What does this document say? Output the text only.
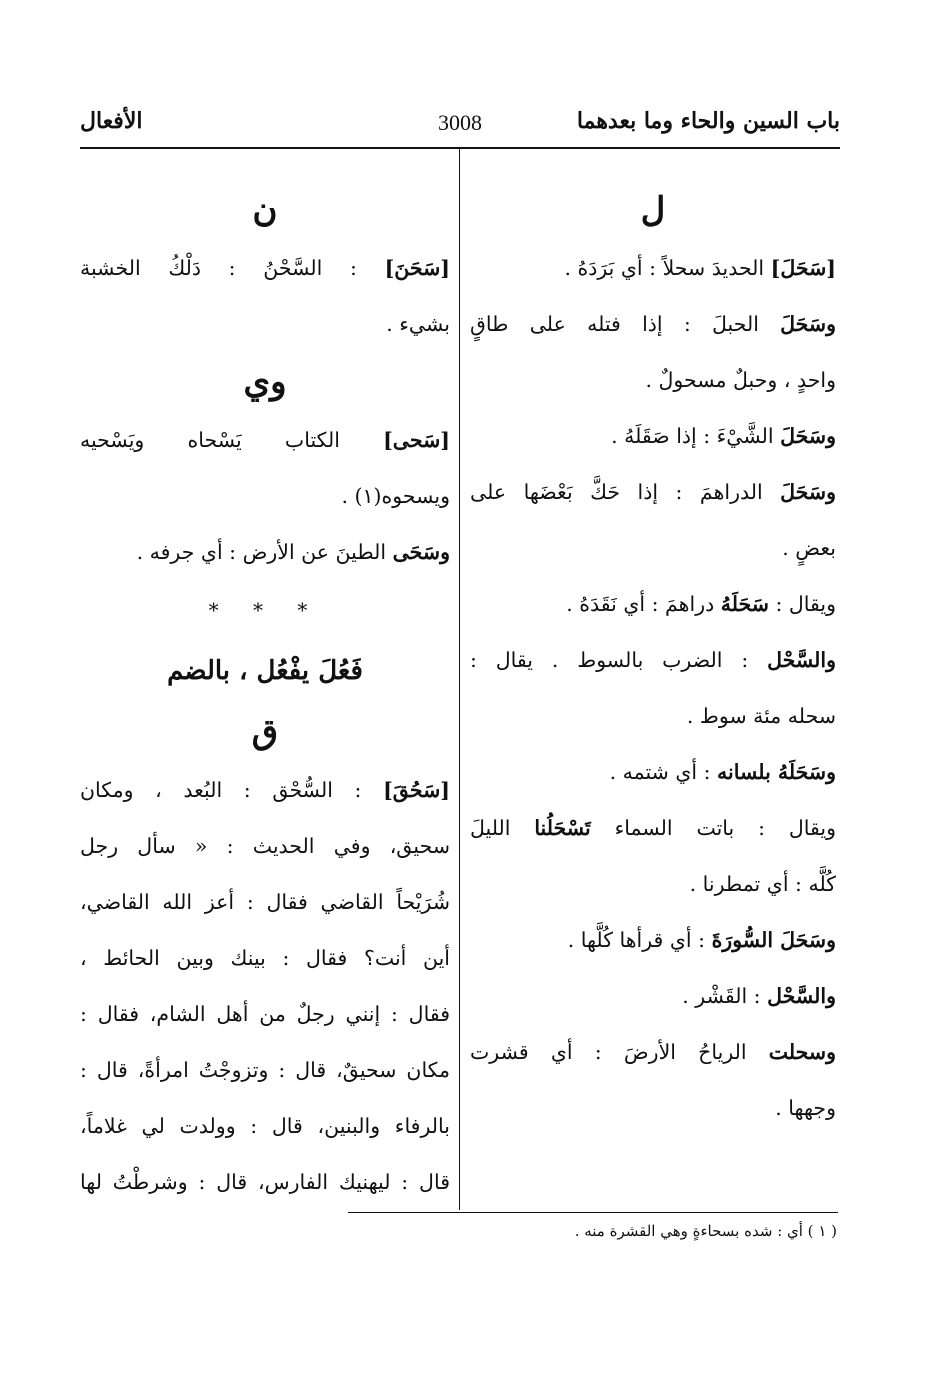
باب السين والحاء وما بعدهما
3008
الأفعال
ل
[سَحَلَ] الحديدَ سحلاً : أي بَرَدَهُ .
وسَحَلَ الحبلَ : إذا فتله على طاقٍ
واحدٍ ، وحبلٌ مسحولٌ .
وسَحَلَ الشَّيْءَ : إذا صَقَلَهُ .
وسَحَلَ الدراهمَ : إذا حَكَّ بَعْضَها على
بعضٍ .
ويقال : سَحَلَهُ دراهمَ : أي نَقَدَهُ .
والسَّحْل : الضرب بالسوط . يقال :
سحله مئة سوط .
وسَحَلَهُ بلسانه : أي شتمه .
ويقال : باتت السماء تَسْحَلُنا الليلَ
كُلَّه : أي تمطرنا .
وسَحَلَ السُّورَةَ : أي قرأها كُلَّها .
والسَّحْل : القَشْر .
وسحلت الرياحُ الأرضَ : أي قشرت
وجهها .
ن
[سَحَنَ] : السَّحْنُ : دَلْكُ الخشبة
بشيء .
وي
[سَحى] الكتاب يَسْحاه ويَسْحيه
ويسحوه(١) .
وسَحَى الطينَ عن الأرض : أي جرفه .
* * *
فَعُلَ يفْعُل ، بالضم
ق
[سَحُقَ] : السُّحْق : البُعد ، ومكان
سحيق، وفي الحديث : « سأل رجل
شُرَيْحاً القاضي فقال : أعز الله القاضي،
أين أنت؟ فقال : بينك وبين الحائط ،
فقال : إنني رجلٌ من أهل الشام، فقال :
مكان سحيقٌ، قال : وتزوجْتُ امرأةً، قال :
بالرفاء والبنين، قال : وولدت لي غلاماً،
قال : ليهنيك الفارس، قال : وشرطْتُ لها
( ١ ) أي : شده بسحاءةٍ وهي القشرة منه .
